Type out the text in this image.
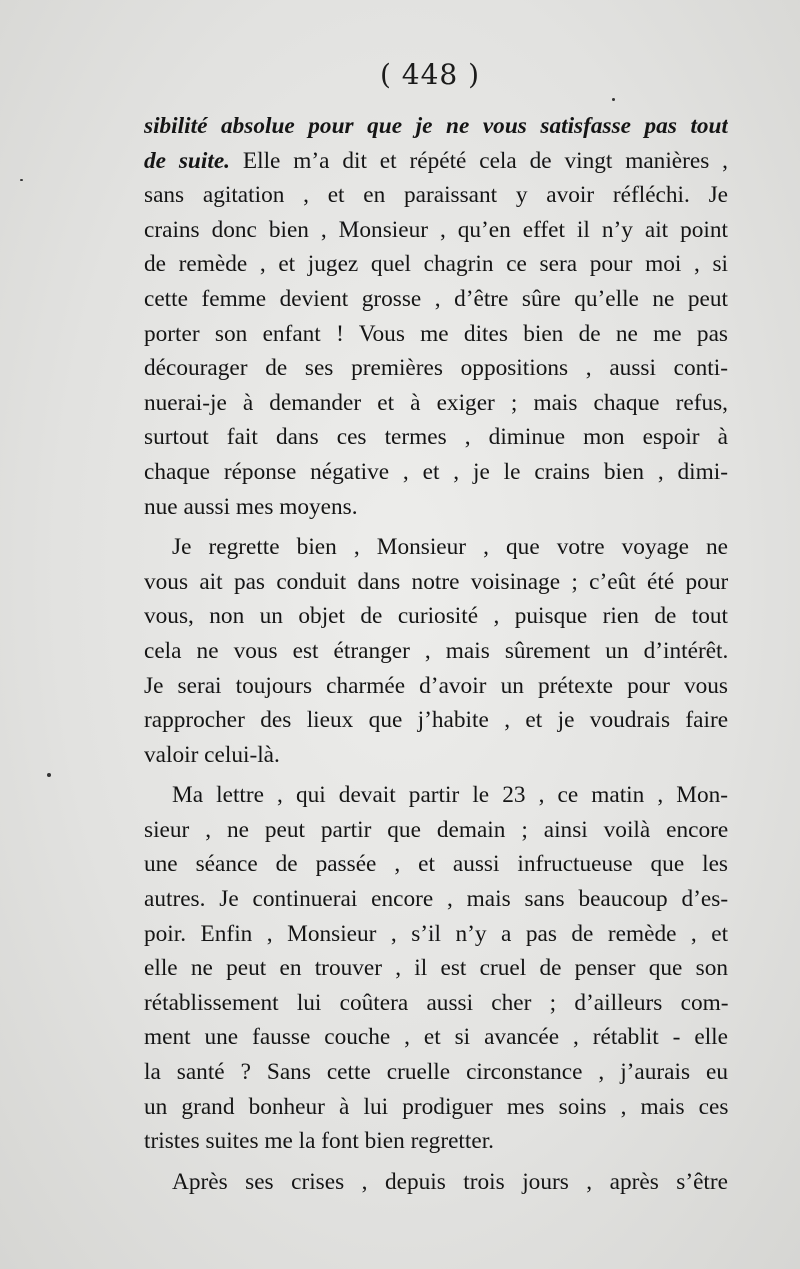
( 448 )
sibilité absolue pour que je ne vous satisfasse pas tout
de suite. Elle m’a dit et répété cela de vingt manières ,
sans agitation , et en paraissant y avoir réfléchi. Je
crains donc bien , Monsieur , qu’en effet il n’y ait point
de remède , et jugez quel chagrin ce sera pour moi , si
cette femme devient grosse , d’être sûre qu’elle ne peut
porter son enfant ! Vous me dites bien de ne me pas
décourager de ses premières oppositions , aussi conti-
nuerai-je à demander et à exiger ; mais chaque refus,
surtout fait dans ces termes , diminue mon espoir à
chaque réponse négative , et , je le crains bien , dimi-
nue aussi mes moyens.
Je regrette bien , Monsieur , que votre voyage ne
vous ait pas conduit dans notre voisinage ; c’eût été pour
vous, non un objet de curiosité , puisque rien de tout
cela ne vous est étranger , mais sûrement un d’intérêt.
Je serai toujours charmée d’avoir un prétexte pour vous
rapprocher des lieux que j’habite , et je voudrais faire
valoir celui-là.
Ma lettre , qui devait partir le 23 , ce matin , Mon-
sieur , ne peut partir que demain ; ainsi voilà encore
une séance de passée , et aussi infructueuse que les
autres. Je continuerai encore , mais sans beaucoup d’es-
poir. Enfin , Monsieur , s’il n’y a pas de remède , et
elle ne peut en trouver , il est cruel de penser que son
rétablissement lui coûtera aussi cher ; d’ailleurs com-
ment une fausse couche , et si avancée , rétablit - elle
la santé ? Sans cette cruelle circonstance , j’aurais eu
un grand bonheur à lui prodiguer mes soins , mais ces
tristes suites me la font bien regretter.
Après ses crises , depuis trois jours , après s’être
